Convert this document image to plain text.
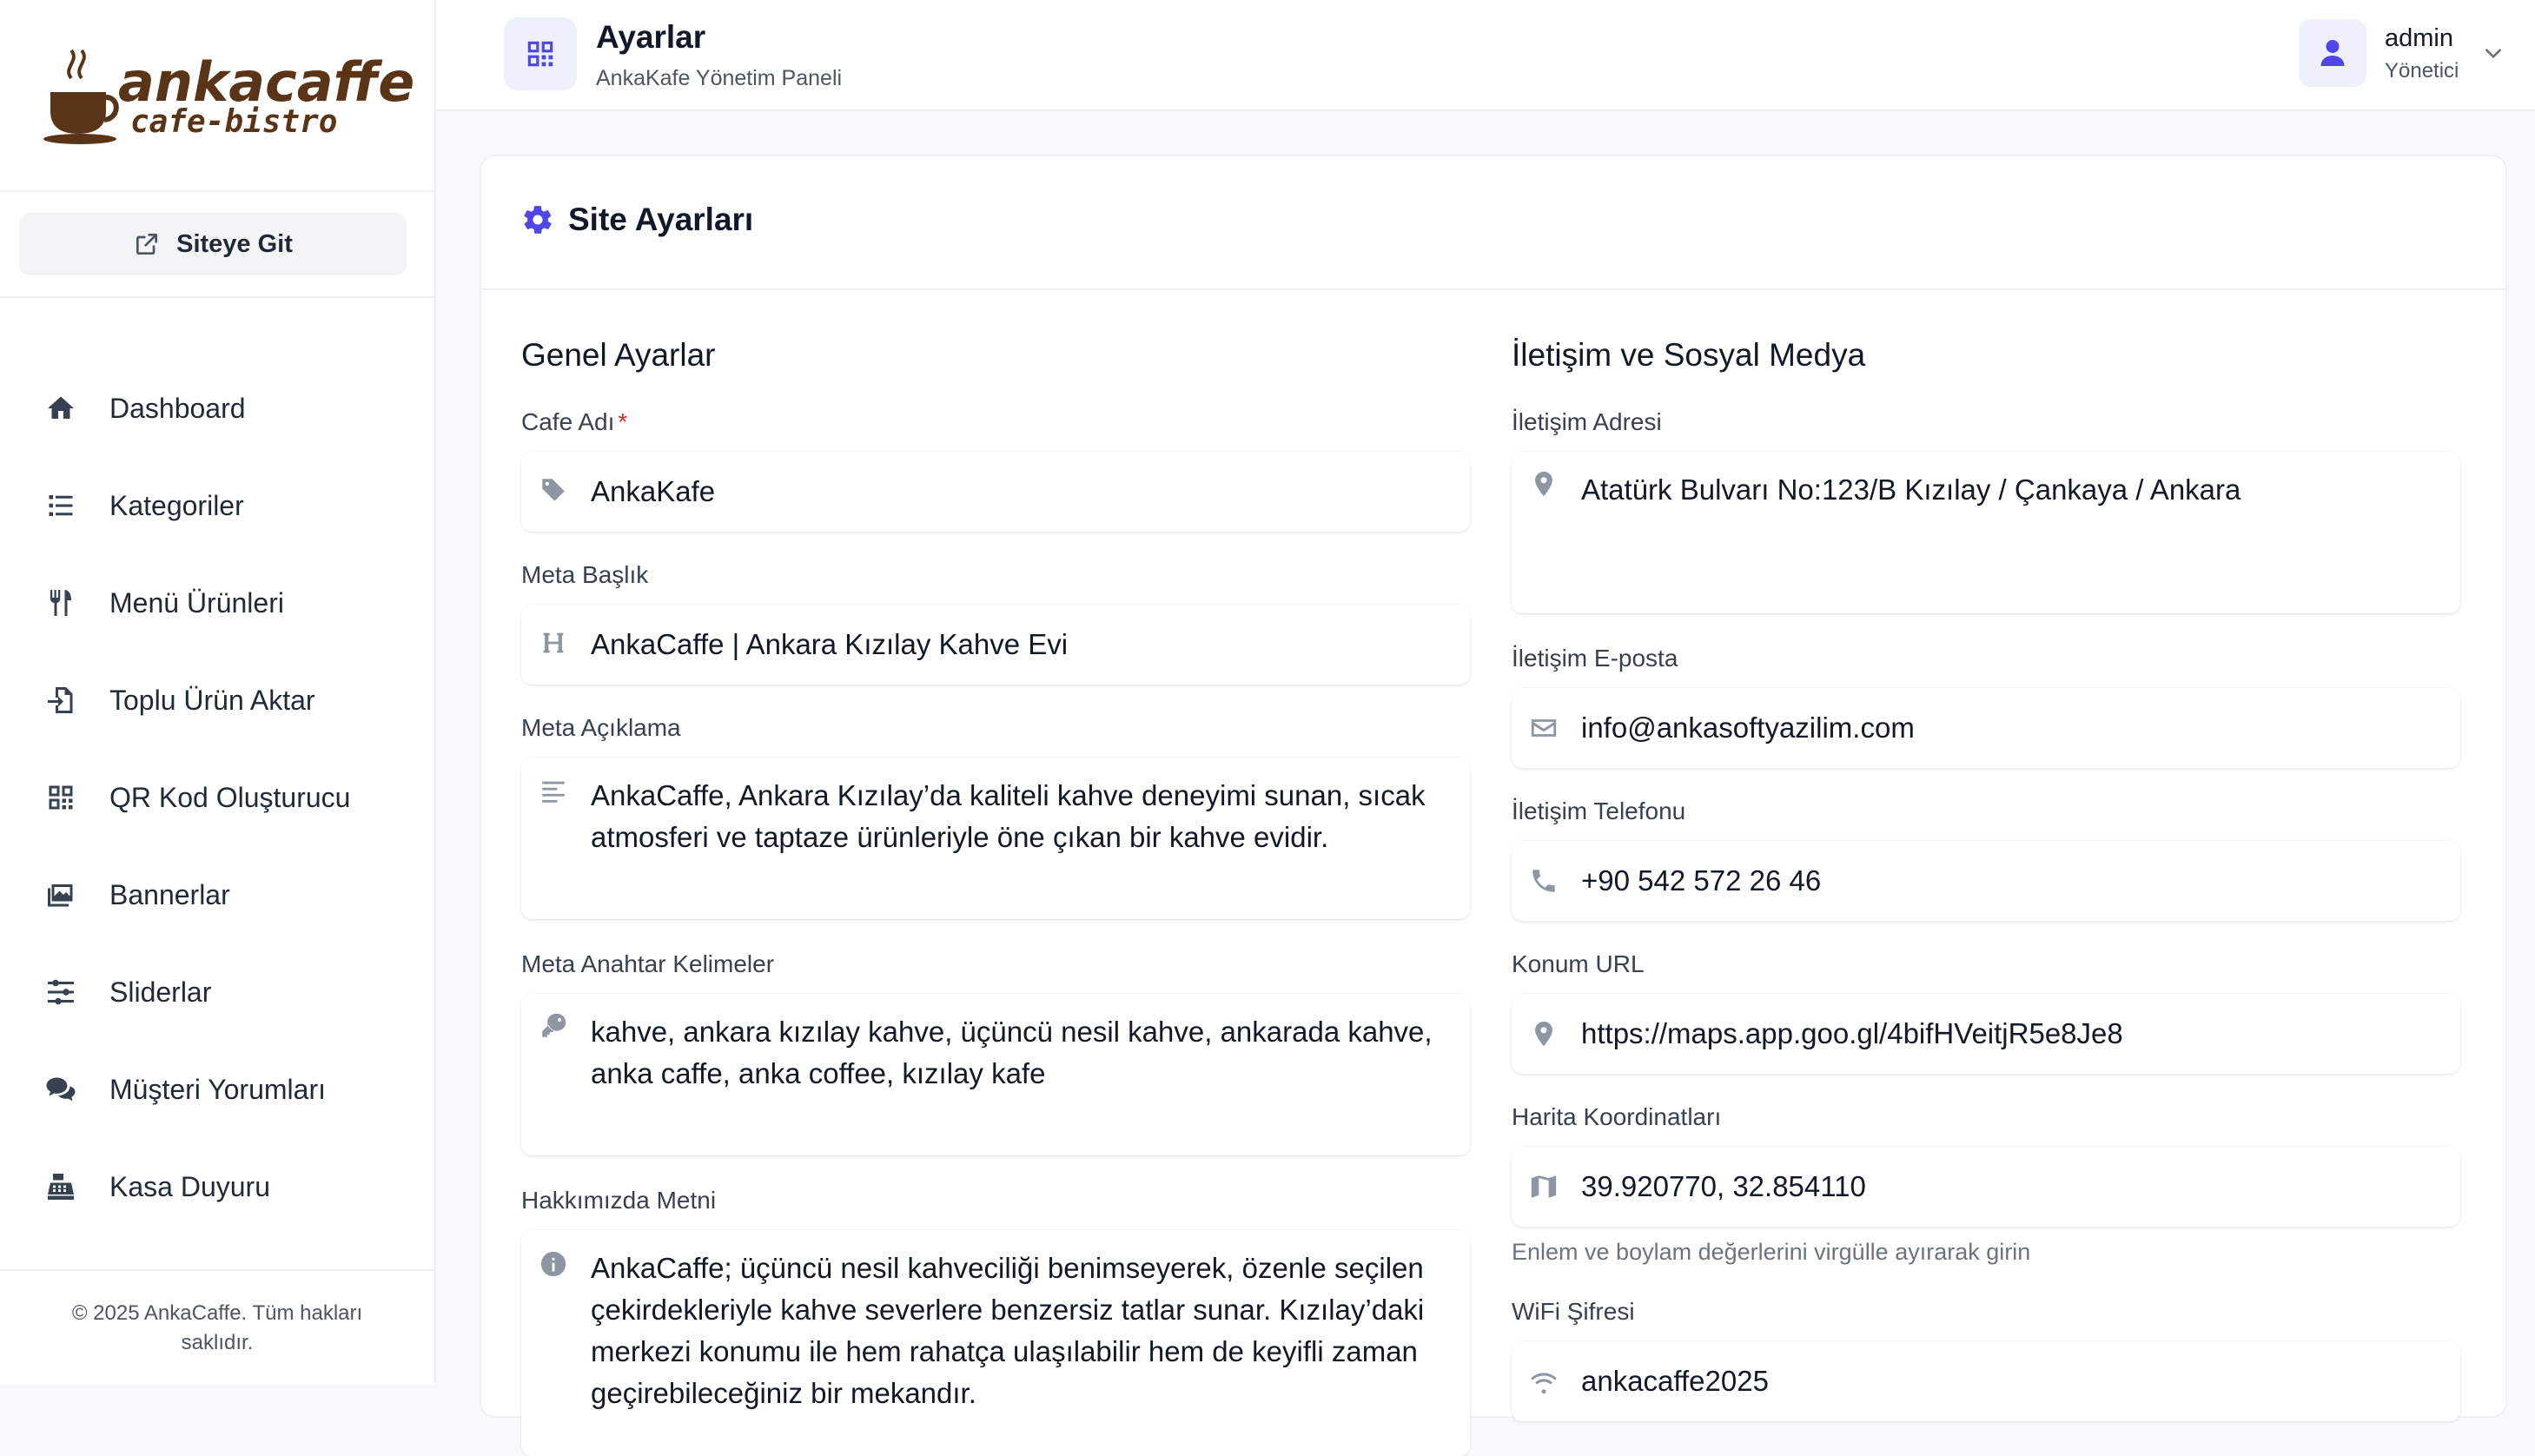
ankacaffe
cafe-bistro
Siteye Git
Dashboard
Kategoriler
Menü Ürünleri
Toplu Ürün Aktar
QR Kod Oluşturucu
Bannerlar
Sliderlar
Müşteri Yorumları
Kasa Duyuru
© 2025 AnkaCaffe. Tüm hakları saklıdır.
Ayarlar
AnkaKafe Yönetim Paneli
admin
Yönetici
Site Ayarları
Genel Ayarlar
Cafe Adı *
AnkaKafe
Meta Başlık
AnkaCaffe | Ankara Kızılay Kahve Evi
Meta Açıklama
AnkaCaffe, Ankara Kızılay’da kaliteli kahve deneyimi sunan, sıcak atmosferi ve taptaze ürünleriyle öne çıkan bir kahve evidir.
Meta Anahtar Kelimeler
kahve, ankara kızılay kahve, üçüncü nesil kahve, ankarada kahve, anka caffe, anka coffee, kızılay kafe
Hakkımızda Metni
AnkaCaffe; üçüncü nesil kahveciliği benimseyerek, özenle seçilen çekirdekleriyle kahve severlere benzersiz tatlar sunar. Kızılay’daki merkezi konumu ile hem rahatça ulaşılabilir hem de keyifli zaman geçirebileceğiniz bir mekandır.
İletişim ve Sosyal Medya
İletişim Adresi
Atatürk Bulvarı No:123/B Kızılay / Çankaya / Ankara
İletişim E-posta
info@ankasoftyazilim.com
İletişim Telefonu
+90 542 572 26 46
Konum URL
https://maps.app.goo.gl/4bifHVeitjR5e8Je8
Harita Koordinatları
39.920770, 32.854110
Enlem ve boylam değerlerini virgülle ayırarak girin
WiFi Şifresi
ankacaffe2025
